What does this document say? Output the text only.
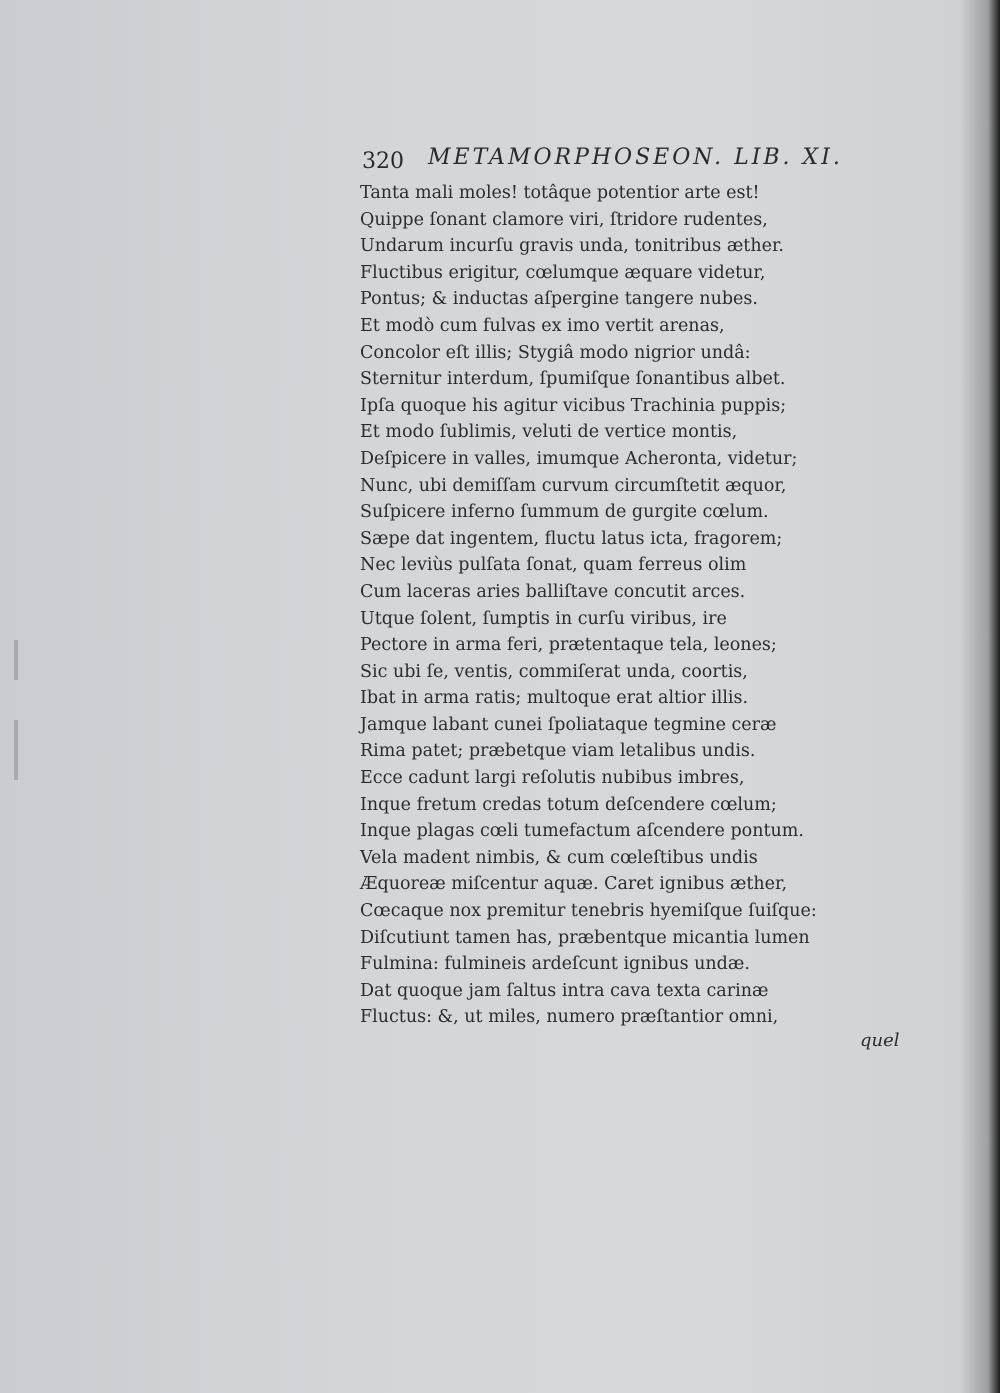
320 METAMORPHOSEON. LIB. XI.
Tanta mali moles! totâque potentior arte est!
Quippe ſonant clamore viri, ſtridore rudentes,
Undarum incurſu gravis unda, tonitribus æther.
Fluctibus erigitur, cœlumque æquare videtur,
Pontus; & inductas aſpergine tangere nubes.
Et modò cum fulvas ex imo vertit arenas,
Concolor eſt illis; Stygiâ modo nigrior undâ:
Sternitur interdum, ſpumiſque ſonantibus albet.
Ipſa quoque his agitur vicibus Trachinia puppis;
Et modo ſublimis, veluti de vertice montis,
Deſpicere in valles, imumque Acheronta, videtur;
Nunc, ubi demiſſam curvum circumſtetit æquor,
Suſpicere inferno ſummum de gurgite cœlum.
Sæpe dat ingentem, fluctu latus icta, fragorem;
Nec leviùs pulſata ſonat, quam ferreus olim
Cum laceras aries balliſtave concutit arces.
Utque ſolent, ſumptis in curſu viribus, ire
Pectore in arma feri, prætentaque tela, leones;
Sic ubi ſe, ventis, commiſerat unda, coortis,
Ibat in arma ratis; multoque erat altior illis.
Jamque labant cunei ſpoliataque tegmine ceræ
Rima patet; præbetque viam letalibus undis.
Ecce cadunt largi reſolutis nubibus imbres,
Inque fretum credas totum deſcendere cœlum;
Inque plagas cœli tumefactum aſcendere pontum.
Vela madent nimbis, & cum cœleſtibus undis
Æquoreæ miſcentur aquæ. Caret ignibus æther,
Cœcaque nox premitur tenebris hyemiſque ſuiſque:
Diſcutiunt tamen has, præbentque micantia lumen
Fulmina: fulmineis ardeſcunt ignibus undæ.
Dat quoque jam ſaltus intra cava texta carinæ
Fluctus: &, ut miles, numero præſtantior omni,
quel
